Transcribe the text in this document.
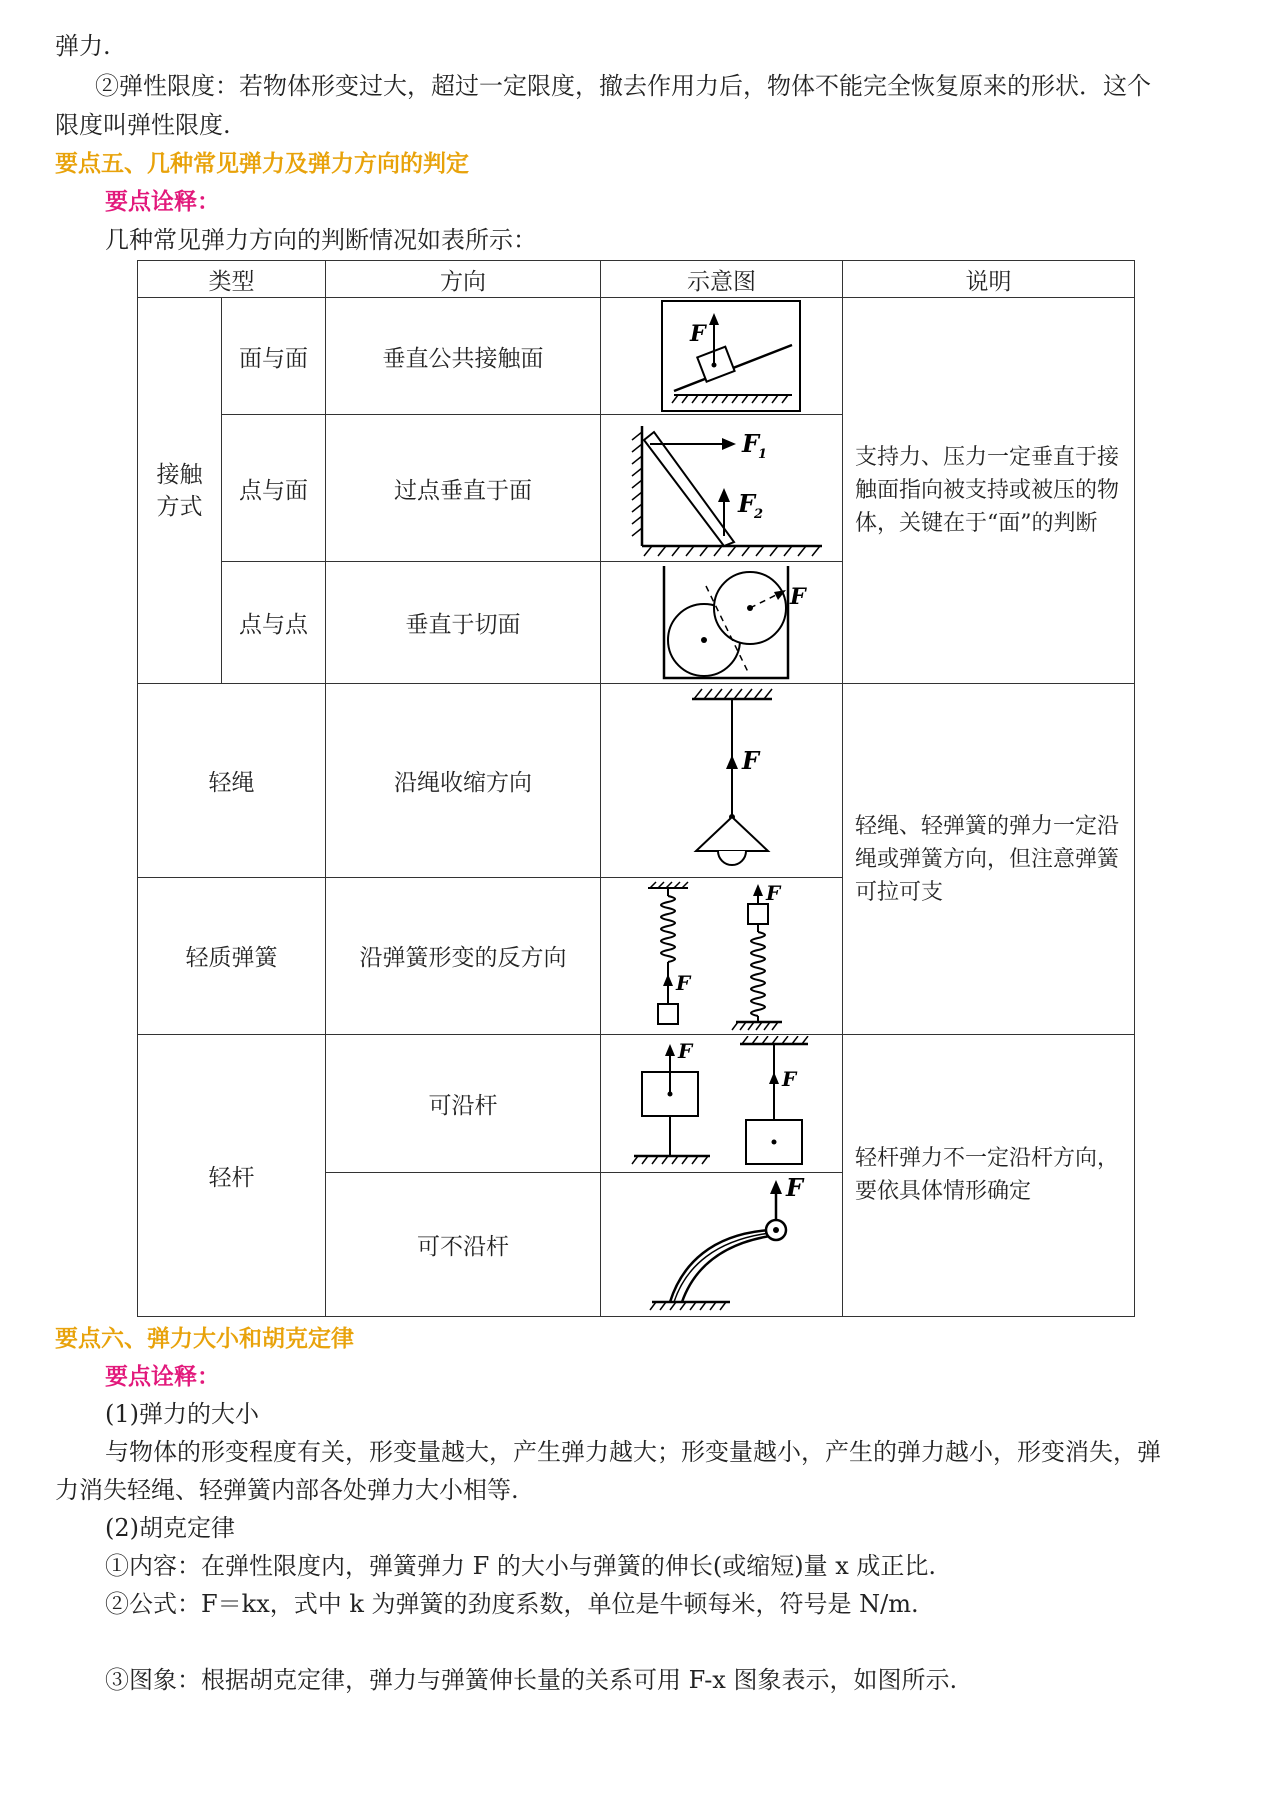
弹力.
②弹性限度：若物体形变过大，超过一定限度，撤去作用力后，物体不能完全恢复原来的形状．这个
限度叫弹性限度.
要点五、几种常见弹力及弹力方向的判定
要点诠释：
几种常见弹力方向的判断情况如表所示：
类型		方向	示意图	说明
接触方式	面与面	垂直公共接触面	F	支持力、压力一定垂直于接触面指向被支持或被压的物体，关键在于“面”的判断
	点与面	过点垂直于面	F
1
F
2	

	点与点	垂直于切面	F	

轻绳		沿绳收缩方向	F	轻绳、轻弹簧的弹力一定沿绳或弹簧方向，但注意弹簧可拉可支
轻质弹簧		沿弹簧形变的反方向	F
F	

轻杆		可沿杆	F
F	轻杆弹力不一定沿杆方向，要依具体情形确定
		可不沿杆	F	
要点六、弹力大小和胡克定律
要点诠释：
(1)弹力的大小
与物体的形变程度有关，形变量越大，产生弹力越大；形变量越小，产生的弹力越小，形变消失，弹
力消失轻绳、轻弹簧内部各处弹力大小相等.
(2)胡克定律
①内容：在弹性限度内，弹簧弹力 F 的大小与弹簧的伸长(或缩短)量 x 成正比.
②公式：F＝kx，式中 k 为弹簧的劲度系数，单位是牛顿每米，符号是 N/m.
③图象：根据胡克定律，弹力与弹簧伸长量的关系可用 F-x 图象表示，如图所示.
